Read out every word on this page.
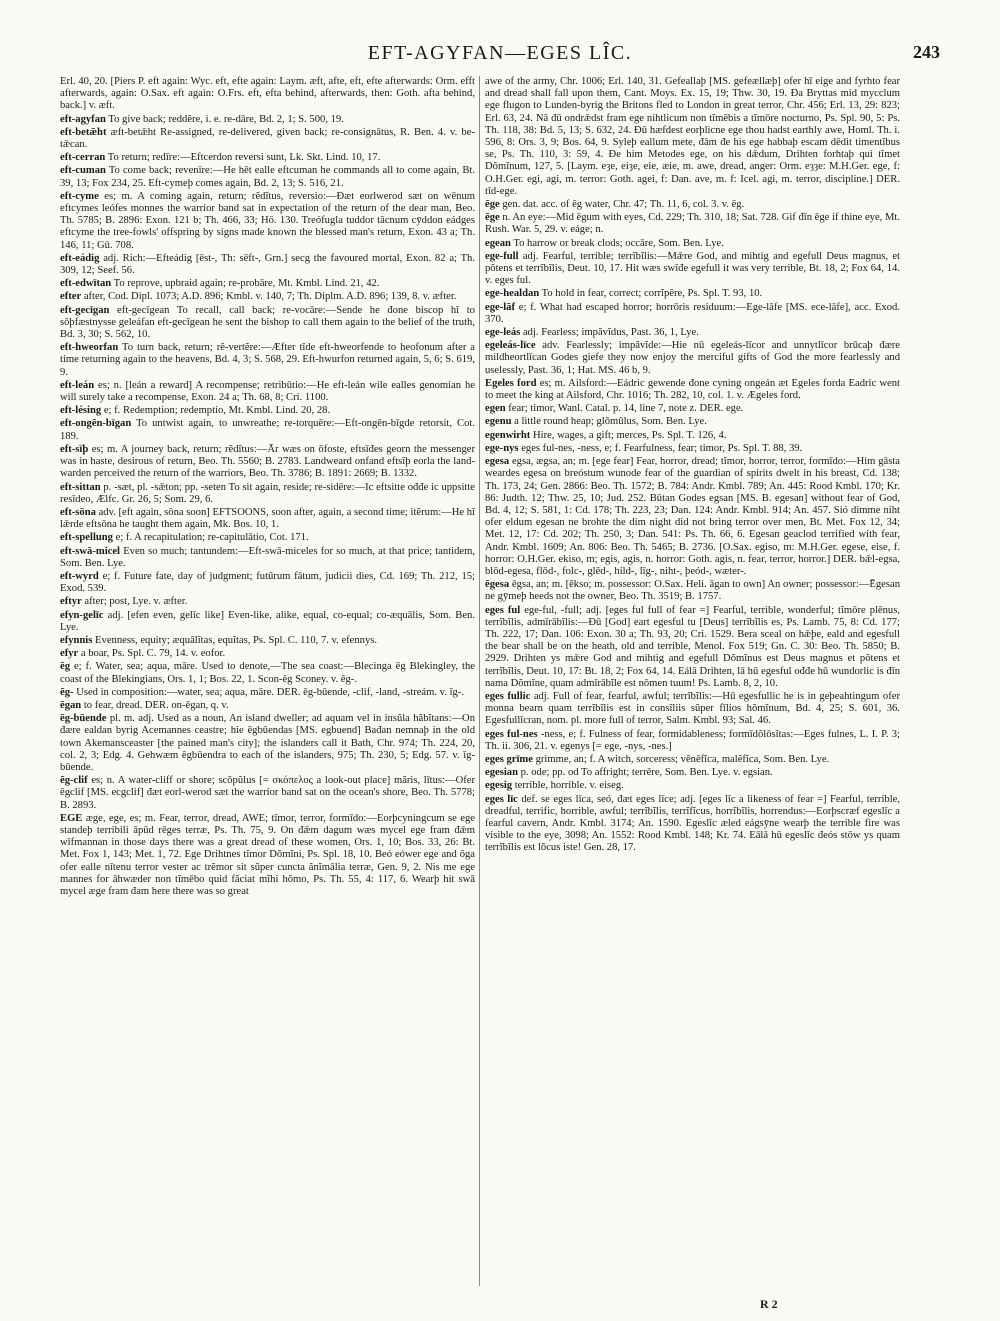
EFT-AGYFAN—EGES LÎC.	243

Erl. 40, 20. [Piers P. eft again: Wyc. eft, efte again: Laym. æft, afte, eft, efte afterwards: Orm. efft afterwards, again: O.Sax. eft again: O.Frs. eft, efta behind, afterwards, then: Goth. afta behind, back.] v. æft.

eft-agyfan To give back; reddĕre, i. e. re-dāre, Bd. 2, 1; S. 500, 19.

eft-betǣht æft-betǣht Re-assigned, re-delivered, given back; re-consignātus, R. Ben. 4. v. be-tǣcan.

eft-cerran To return; redīre:—Eftcerdon reversi sunt, Lk. Skt. Lind. 10, 17.

eft-cuman To come back; revenīre:—He hēt ealle eftcuman he commands all to come again, Bt. 39, 13; Fox 234, 25. Eft-cymeþ comes again, Bd. 2, 13; S. 516, 21.

eft-cyme es; m. A coming again, return; rĕdĭtus, reversio:—Đæt eorlwerod sæt on wēnum eftcymes leófes monnes the warrior band sat in expectation of the return of the dear man, Beo. Th. 5785; B. 2896: Exon. 121 b; Th. 466, 33; Hö. 130. Treófugla tuddor tācnum cȳddon eádges eftcyme the tree-fowls' offspring by signs made known the blessed man's return, Exon. 43 a; Th. 146, 11; Gū. 708.

eft-eádig adj. Rich:—Efteádig [ēst-, Th: sēft-, Grn.] secg the favoured mortal, Exon. 82 a; Th. 309, 12; Seef. 56.

eft-edwītan To reprove, upbraid again; re-probāre, Mt. Kmbl. Lind. 21, 42.

efter after, Cod. Dipl. 1073; A.D. 896; Kmbl. v. 140, 7; Th. Diplm. A.D. 896; 139, 8. v. æfter.

eft-gecīgan eft-gecīgean To recall, call back; re-vocāre:—Sende he đone biscop hī to sōþfæstnysse geleáfan eft-gecīgean he sent the bishop to call them again to the belief of the truth, Bd. 3, 30; S. 562, 10.

eft-hweorfan To turn back, return; rĕ-vertĕre:—Æfter tīde eft-hweorfende to heofonum after a time returning again to the heavens, Bd. 4, 3; S. 568, 29. Eft-hwurfon returned again, 5, 6; S. 619, 9.

eft-leán es; n. [leán a reward] A recompense; retribūtio:—He eft-leán wile ealles genomian he will surely take a recompense, Exon. 24 a; Th. 68, 8; Cri. 1100.

eft-lésing e; f. Redemption; redemptio, Mt. Kmbl. Lind. 20, 28.

eft-ongēn-bīgan To untwist again, to unwreathe; re-torquēre:—Eft-ongēn-bīgde retorsit, Cot. 189.

eft-sīþ es; m. A journey back, return; rĕdĭtus:—Ār wæs on ōfoste, eftsīđes georn the messenger was in haste, desirous of return, Beo. Th. 5560; B. 2783. Landweard onfand eftsīþ eorla the land-warden perceived the return of the warriors, Beo. Th. 3786; B. 1891: 2669; B. 1332.

eft-sittan p. -sæt, pl. -sǣton; pp. -seten To sit again, reside; re-sidēre:—Ic eftsitte ođđe ic uppsitte resīdeo, Ælfc. Gr. 26, 5; Som. 29, 6.

eft-sōna adv. [eft again, sōna soon] EFTSOONS, soon after, again, a second time; itĕrum:—He hī lǣrde eftsōna he taught them again, Mk. Bos. 10, 1.

eft-spellung e; f. A recapitulation; re-capitulātio, Cot. 171.

eft-swā-micel Even so much; tantundem:—Eft-swā-miceles for so much, at that price; tantidem, Som. Ben. Lye.

eft-wyrd e; f. Future fate, day of judgment; futūrum fātum, judicii dies, Cd. 169; Th. 212, 15; Exod. 539.

eftyr after; post, Lye. v. æfter.

efyn-gelīc adj. [efen even, gelīc like] Even-like, alike, equal, co-equal; co-æquālis, Som. Ben. Lye.

efynnis Evenness, equity; æquālĭtas, equĭtas, Ps. Spl. C. 110, 7. v. efennys.

efyr a boar, Ps. Spl. C. 79, 14. v. eofor.

ēg e; f. Water, sea; aqua, māre. Used to denote,—The sea coast:—Blecinga ēg Blekingley, the coast of the Blekingians, Ors. 1, 1; Bos. 22, 1. Scon-ēg Sconey. v. ēg-.

ēg- Used in composition:—water, sea; aqua, māre. DER. ēg-būende, -clif, -land, -streám. v. īg-.

ēgan to fear, dread. DER. on-ēgan, q. v.

ēg-būende pl. m. adj. Used as a noun, An island dweller; ad aquam vel in insŭla hăbĭtans:—On đære ealdan byrig Acemannes ceastre; hie ēgbūendas [MS. egbuend] Bađan nemnaþ in the old town Akemansceaster [the pained man's city]; the islanders call it Bath, Chr. 974; Th. 224, 20, col. 2, 3; Edg. 4. Gehwæm ēgbūendra to each of the islanders, 975; Th. 230, 5; Edg. 57. v. īg-būende.

ēg-clif es; n. A water-cliff or shore; scŏpŭlus [= σκόπελος a look-out place] măris, lītus:—Ofer ēgclif [MS. ecgclif] đæt eorl-werod sæt the warrior band sat on the ocean's shore, Beo. Th. 5778; B. 2893.

EGE æge, ege, es; m. Fear, terror, dread, AWE; tīmor, terror, formīdo:—Eorþcyningcum se ege standeþ terribili āpūd rēges terræ, Ps. Th. 75, 9. On đǣm dagum wæs mycel ege fram đǣm wīfmannan in those days there was a great dread of these women, Ors. 1, 10; Bos. 33, 26: Bt. Met. Fox 1, 143; Met. 1, 72. Ege Drihtnes tĭmor Dŏmĭni, Ps. Spl. 18, 10. Beó eówer ege and ōga ofer ealle nītenu terror vester ac trĕmor sit sŭper cuncta ănĭmālia terræ, Gen. 9, 2. Nis me ege mannes for āhwæder non tĭmēbo quid făciat mĭhi hŏmo, Ps. Th. 55, 4: 117, 6. Wearþ hit swā mycel æge fram đam here there was so great

awe of the army, Chr. 1006; Erl. 140, 31. Gefeallaþ [MS. gefeællæþ] ofer hī eige and fyrhto fear and dread shall fall upon them, Cant. Moys. Ex. 15, 19; Thw. 30, 19. Đa Bryttas mid mycclum ege flugon to Lunden-byrig the Britons fled to London in great terror, Chr. 456; Erl. 13, 29: 823; Erl. 63, 24. Nā đū ondrǣdst fram ege nihtlicum non tĭmēbis a tĭmōre nocturno, Ps. Spl. 90, 5: Ps. Th. 118, 38: Bd. 5, 13; S. 632, 24. Đū hæfdest eorþlicne ege thou hadst earthly awe, Homl. Th. i. 596, 8: Ors. 3, 9; Bos. 64, 9. Syleþ eallum mete, đām đe his ege habbaþ escam dēdit timentĭbus se, Ps. Th. 110, 3: 59, 4. Đe him Metodes ege, on his dǣdum, Drihten forhtaþ qui tĭmet Dŏmĭnum, 127, 5. [Laym. eȝe, eiȝe, eie, æie, m. awe, dread, anger: Orm. eȝȝe: M.H.Ger. ege, f: O.H.Ger. egi, agi, m. terror: Goth. agei, f: Dan. ave, m. f: Icel. agi, m. terror, discipline.] DER. tīd-ege.

ēge gen. dat. acc. of ēg water, Chr. 47; Th. 11, 6, col. 3. v. ēg.

ēge n. An eye:—Mid ēgum with eyes, Cd. 229; Th. 310, 18; Sat. 728. Gif đīn ēge if thine eye, Mt. Rush. War. 5, 29. v. eáge; n.

egean To harrow or break clods; occāre, Som. Ben. Lye.

ege-full adj. Fearful, terrible; terrĭbĭlis:—Mǣre God, and mihtig and egefull Deus magnus, et pŏtens et terrĭbĭlis, Deut. 10, 17. Hit wæs swīđe egefull it was very terrible, Bt. 18, 2; Fox 64, 14. v. eges ful.

ege-healdan To hold in fear, correct; corrĭpĕre, Ps. Spl. T. 93, 10.

ege-lāf e; f. What had escaped horror; horrōris residuum:—Ege-lāfe [MS. ece-lāfe], acc. Exod. 370.

ege-leás adj. Fearless; impăvĭdus, Past. 36, 1, Lye.

egeleás-līce adv. Fearlessly; impăvĭde:—Hie nū egeleás-līcor and unnytlīcor brūcaþ đære mildheortlīcan Godes giefe they now enjoy the merciful gifts of God the more fearlessly and uselessly, Past. 36, 1; Hat. MS. 46 b, 9.

Egeles ford es; m. Ailsford:—Eádric gewende đone cyning ongeán æt Egeles forda Eadric went to meet the king at Ailsford, Chr. 1016; Th. 282, 10, col. 1. v. Ægeles ford.

egen fear; timor, Wanl. Catal. p. 14, line 7, note z. DER. ege.

egenu a little round heap; glŏmŭlus, Som. Ben. Lye.

egenwirht Hire, wages, a gift; merces, Ps. Spl. T. 126, 4.

ege-nys eges ful-nes, -ness, e; f. Fearfulness, fear; timor, Ps. Spl. T. 88, 39.

egesa egsa, ægsa, an; m. [ege fear] Fear, horror, dread; tĭmor, horror, terror, formīdo:—Him gāsta weardes egesa on breóstum wunode fear of the guardian of spirits dwelt in his breast, Cd. 138; Th. 173, 24; Gen. 2866: Beo. Th. 1572; B. 784: Andr. Kmbl. 789; An. 445: Rood Kmbl. 170; Kr. 86: Judth. 12; Thw. 25, 10; Jud. 252. Būtan Godes egsan [MS. B. egesan] without fear of God, Bd. 4, 12; S. 581, 1: Cd. 178; Th. 223, 23; Dan. 124: Andr. Kmbl. 914; An. 457. Sió dimme niht ofer eldum egesan ne brohte the dim night did not bring terror over men, Bt. Met. Fox 12, 34; Met. 12, 17: Cd. 202; Th. 250, 3; Dan. 541: Ps. Th. 66, 6. Egesan geaclod terrified with fear, Andr. Kmbl. 1609; An. 806: Beo. Th. 5465; B. 2736. [O.Sax. egiso, m: M.H.Ger. egese, eise, f. horror: O.H.Ger. ekiso, m; egis, agis, n. horror: Goth. agis, n. fear, terror, horror.] DER. bǣl-egsa, blōd-egesa, flōd-, folc-, glēd-, hild-, līg-, niht-, þeód-, wæter-.

ēgesa ēgsa, an; m. [ēkso; m. possessor: O.Sax. Heli. āgan to own] An owner; possessor:—Ēgesan ne gȳmeþ heeds not the owner, Beo. Th. 3519; B. 1757.

eges ful ege-ful, -full; adj. [eges ful full of fear =] Fearful, terrible, wonderful; tĭmōre plēnus, terrĭbĭlis, admīrābĭlis:—Đū [God] eart egesful tu [Deus] terrĭbĭlis es, Ps. Lamb. 75, 8: Cd. 177; Th. 222, 17; Dan. 106: Exon. 30 a; Th. 93, 20; Cri. 1529. Bera sceal on hǣþe, eald and egesfull the bear shall be on the heath, old and terrible, Menol. Fox 519; Gn. C. 30: Beo. Th. 5850; B. 2929. Drihten ys mǣre God and mihtig and egefull Dŏmĭnus est Deus magnus et pŏtens et terrĭbĭlis, Deut. 10, 17: Bt. 18, 2; Fox 64, 14. Eálā Drihten, lā hū egesful ođđe hū wundorlic is đīn nama Dŏmĭne, quam admīrābĭle est nōmen tuum! Ps. Lamb. 8, 2, 10.

eges fullic adj. Full of fear, fearful, awful; terrĭbĭlis:—Hū egesfullic he is in geþeahtingum ofer monna bearn quam terrĭbĭlis est in consĭliis sŭper fīlios hŏmĭnum, Bd. 4, 25; S. 601, 36. Egesfullīcran, nom. pl. more full of terror, Salm. Kmbl. 93; Sal. 46.

eges ful-nes -ness, e; f. Fulness of fear, formidableness; formīdŏlōsĭtas:—Eges fulnes, L. I. P. 3; Th. ii. 306, 21. v. egenys [= ege, -nys, -nes.]

eges grīme grimme, an; f. A witch, sorceress; vĕnēfĭca, malĕfĭca, Som. Ben. Lye.

egesian p. ode; pp. od To affright; terrēre, Som. Ben. Lye. v. egsian.

egesig terrible, horrible. v. eiseg.

eges līc def. se eges līca, seó, đæt eges līce; adj. [eges līc a likeness of fear =] Fearful, terrible, dreadful, terrific, horrible, awful; terrĭbĭlis, terrĭfĭcus, horrĭbĭlis, horrendus:—Eorþscræf egeslīc a fearful cavern, Andr. Kmbl. 3174; An. 1590. Egeslīc æled eágsȳne wearþ the terrible fire was visible to the eye, 3098; An. 1552: Rood Kmbl. 148; Kr. 74. Eālā hū egeslīc đeós stōw ys quam terrĭbĭlis est lŏcus iste! Gen. 28, 17.

R 2
